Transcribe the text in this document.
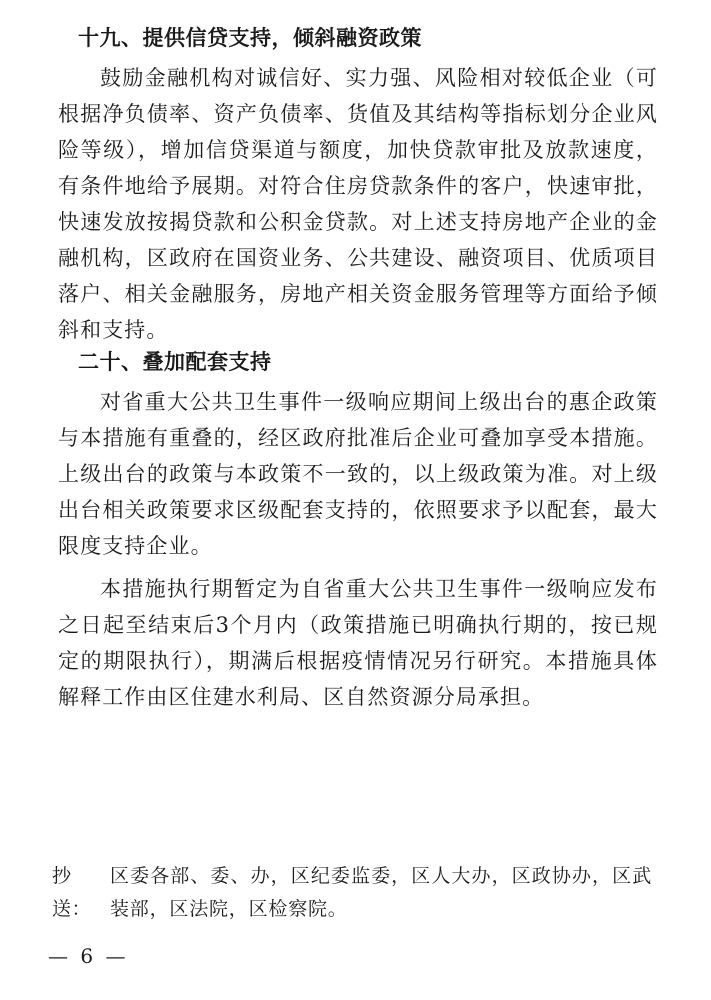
十九、提供信贷支持，倾斜融资政策

鼓励金融机构对诚信好、实力强、风险相对较低企业（可根据净负债率、资产负债率、货值及其结构等指标划分企业风险等级），增加信贷渠道与额度，加快贷款审批及放款速度，有条件地给予展期。对符合住房贷款条件的客户，快速审批，快速发放按揭贷款和公积金贷款。对上述支持房地产企业的金融机构，区政府在国资业务、公共建设、融资项目、优质项目落户、相关金融服务，房地产相关资金服务管理等方面给予倾斜和支持。

二十、叠加配套支持

对省重大公共卫生事件一级响应期间上级出台的惠企政策与本措施有重叠的，经区政府批准后企业可叠加享受本措施。上级出台的政策与本政策不一致的，以上级政策为准。对上级出台相关政策要求区级配套支持的，依照要求予以配套，最大限度支持企业。

本措施执行期暂定为自省重大公共卫生事件一级响应发布之日起至结束后3个月内（政策措施已明确执行期的，按已规定的期限执行），期满后根据疫情情况另行研究。本措施具体解释工作由区住建水利局、区自然资源分局承担。

抄送：
区委各部、委、办，区纪委监委，区人大办，区政协办，区武装部，区法院，区检察院。
— 6 —
